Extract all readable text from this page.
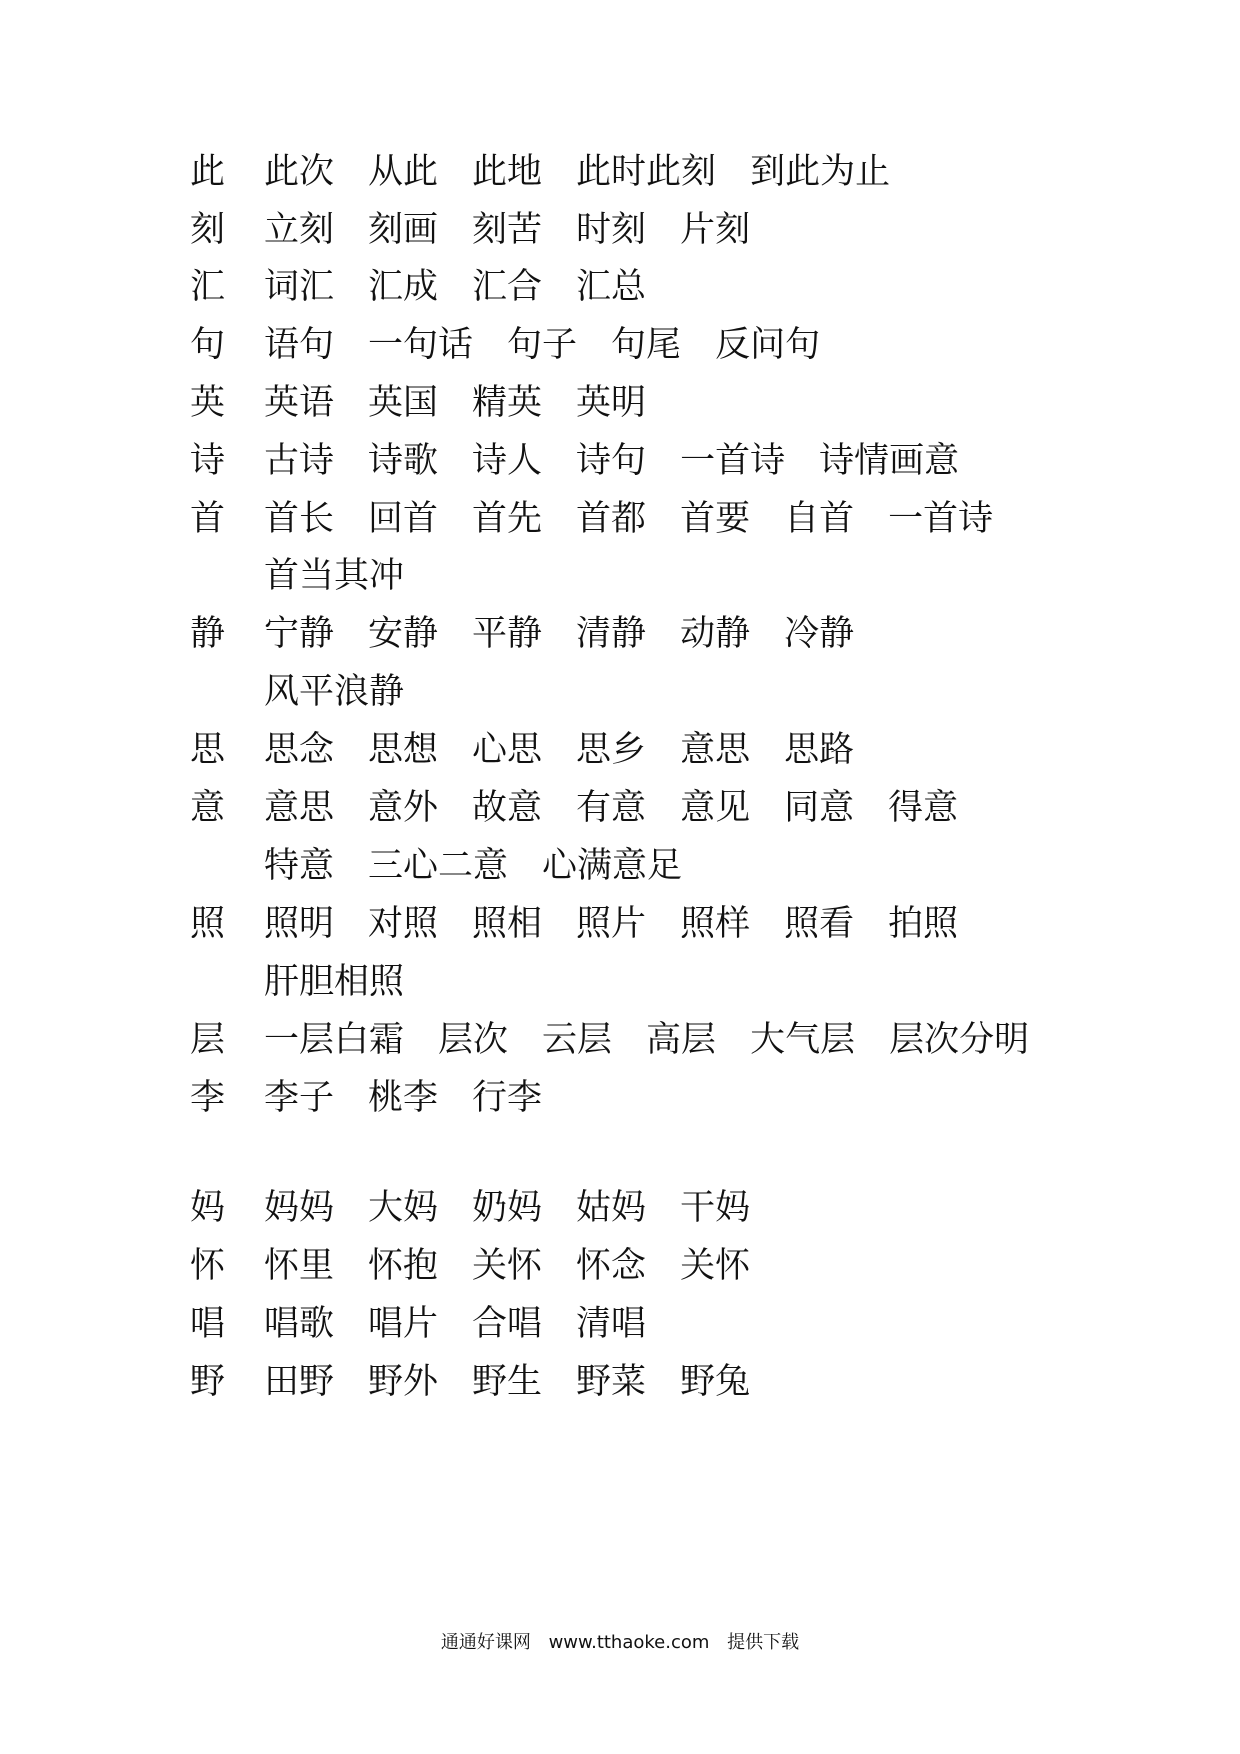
此 此次 从此 此地 此时此刻 到此为止
刻 立刻 刻画 刻苦 时刻 片刻
汇 词汇 汇成 汇合 汇总
句 语句 一句话 句子 句尾 反问句
英 英语 英国 精英 英明
诗 古诗 诗歌 诗人 诗句 一首诗 诗情画意
首 首长 回首 首先 首都 首要 自首 一首诗
首当其冲
静 宁静 安静 平静 清静 动静 冷静
风平浪静
思 思念 思想 心思 思乡 意思 思路
意 意思 意外 故意 有意 意见 同意 得意
特意 三心二意 心满意足
照 照明 对照 照相 照片 照样 照看 拍照
肝胆相照
层 一层白霜 层次 云层 高层 大气层 层次分明
李 李子 桃李 行李
妈 妈妈 大妈 奶妈 姑妈 干妈
怀 怀里 怀抱 关怀 怀念 关怀
唱 唱歌 唱片 合唱 清唱
野 田野 野外 野生 野菜 野兔
通通好课网 www.tthaoke.com 提供下载
